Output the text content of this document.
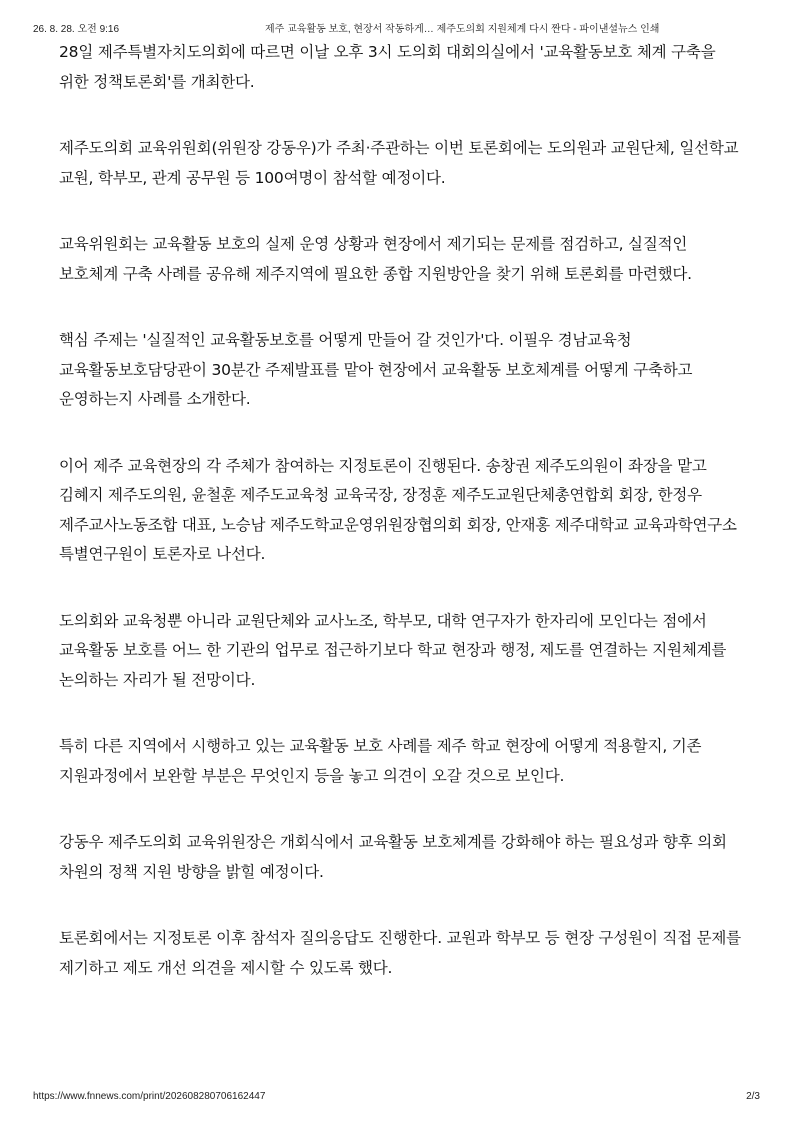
26. 8. 28. 오전 9:16	제주 교육활동 보호, 현장서 작동하게… 제주도의회 지원체계 다시 짠다 - 파이낸셜뉴스 인쇄

28일 제주특별자치도의회에 따르면 이날 오후 3시 도의회 대회의실에서 '교육활동보호 체계 구축을 위한 정책토론회'를 개최한다.

제주도의회 교육위원회(위원장 강동우)가 주최·주관하는 이번 토론회에는 도의원과 교원단체, 일선학교 교원, 학부모, 관계 공무원 등 100여명이 참석할 예정이다.

교육위원회는 교육활동 보호의 실제 운영 상황과 현장에서 제기되는 문제를 점검하고, 실질적인 보호체계 구축 사례를 공유해 제주지역에 필요한 종합 지원방안을 찾기 위해 토론회를 마련했다.

핵심 주제는 '실질적인 교육활동보호를 어떻게 만들어 갈 것인가'다. 이필우 경남교육청 교육활동보호담당관이 30분간 주제발표를 맡아 현장에서 교육활동 보호체계를 어떻게 구축하고 운영하는지 사례를 소개한다.

이어 제주 교육현장의 각 주체가 참여하는 지정토론이 진행된다. 송창권 제주도의원이 좌장을 맡고 김혜지 제주도의원, 윤철훈 제주도교육청 교육국장, 장정훈 제주도교원단체총연합회 회장, 한정우 제주교사노동조합 대표, 노승남 제주도학교운영위원장협의회 회장, 안재홍 제주대학교 교육과학연구소 특별연구원이 토론자로 나선다.

도의회와 교육청뿐 아니라 교원단체와 교사노조, 학부모, 대학 연구자가 한자리에 모인다는 점에서 교육활동 보호를 어느 한 기관의 업무로 접근하기보다 학교 현장과 행정, 제도를 연결하는 지원체계를 논의하는 자리가 될 전망이다.

특히 다른 지역에서 시행하고 있는 교육활동 보호 사례를 제주 학교 현장에 어떻게 적용할지, 기존 지원과정에서 보완할 부분은 무엇인지 등을 놓고 의견이 오갈 것으로 보인다.

강동우 제주도의회 교육위원장은 개회식에서 교육활동 보호체계를 강화해야 하는 필요성과 향후 의회 차원의 정책 지원 방향을 밝힐 예정이다.

토론회에서는 지정토론 이후 참석자 질의응답도 진행한다. 교원과 학부모 등 현장 구성원이 직접 문제를 제기하고 제도 개선 의견을 제시할 수 있도록 했다.

https://www.fnnews.com/print/202608280706162447	2/3
